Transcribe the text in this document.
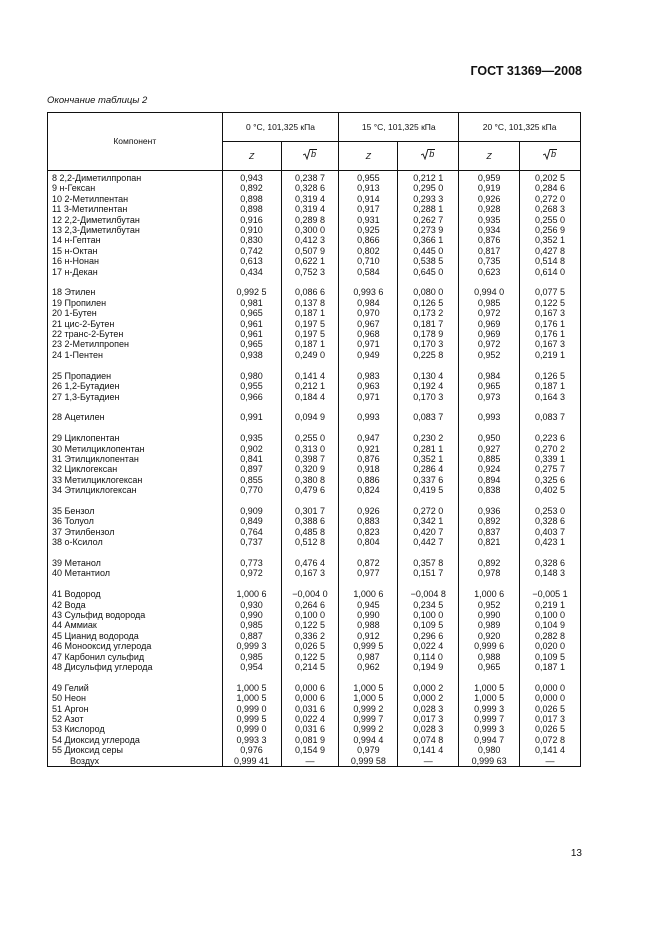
ГОСТ 31369—2008
Окончание таблицы 2
Компонент	0 °С, 101,325 кПа		15 °С, 101,325 кПа		20 °С, 101,325 кПа	
	Z	b	Z	b	Z	b

8 2,2-Диметилпропан	0,943	0,238 7	0,955	0,212 1	0,959	0,202 5
9 н-Гексан	0,892	0,328 6	0,913	0,295 0	0,919	0,284 6
10 2-Метилпентан	0,898	0,319 4	0,914	0,293 3	0,926	0,272 0
11 3-Метилпентан	0,898	0,319 4	0,917	0,288 1	0,928	0,268 3
12 2,2-Диметилбутан	0,916	0,289 8	0,931	0,262 7	0,935	0,255 0
13 2,3-Диметилбутан	0,910	0,300 0	0,925	0,273 9	0,934	0,256 9
14 н-Гептан	0,830	0,412 3	0,866	0,366 1	0,876	0,352 1
15 н-Октан	0,742	0,507 9	0,802	0,445 0	0,817	0,427 8
16 н-Нонан	0,613	0,622 1	0,710	0,538 5	0,735	0,514 8
17 н-Декан	0,434	0,752 3	0,584	0,645 0	0,623	0,614 0

18 Этилен	0,992 5	0,086 6	0,993 6	0,080 0	0,994 0	0,077 5
19 Пропилен	0,981	0,137 8	0,984	0,126 5	0,985	0,122 5
20 1-Бутен	0,965	0,187 1	0,970	0,173 2	0,972	0,167 3
21 цис-2-Бутен	0,961	0,197 5	0,967	0,181 7	0,969	0,176 1
22 транс-2-Бутен	0,961	0,197 5	0,968	0,178 9	0,969	0,176 1
23 2-Метилпропен	0,965	0,187 1	0,971	0,170 3	0,972	0,167 3
24 1-Пентен	0,938	0,249 0	0,949	0,225 8	0,952	0,219 1

25 Пропадиен	0,980	0,141 4	0,983	0,130 4	0,984	0,126 5
26 1,2-Бутадиен	0,955	0,212 1	0,963	0,192 4	0,965	0,187 1
27 1,3-Бутадиен	0,966	0,184 4	0,971	0,170 3	0,973	0,164 3

28 Ацетилен	0,991	0,094 9	0,993	0,083 7	0,993	0,083 7

29 Циклопентан	0,935	0,255 0	0,947	0,230 2	0,950	0,223 6
30 Метилциклопентан	0,902	0,313 0	0,921	0,281 1	0,927	0,270 2
31 Этилциклопентан	0,841	0,398 7	0,876	0,352 1	0,885	0,339 1
32 Циклогексан	0,897	0,320 9	0,918	0,286 4	0,924	0,275 7
33 Метилциклогексан	0,855	0,380 8	0,886	0,337 6	0,894	0,325 6
34 Этилциклогексан	0,770	0,479 6	0,824	0,419 5	0,838	0,402 5

35 Бензол	0,909	0,301 7	0,926	0,272 0	0,936	0,253 0
36 Толуол	0,849	0,388 6	0,883	0,342 1	0,892	0,328 6
37 Этилбензол	0,764	0,485 8	0,823	0,420 7	0,837	0,403 7
38 о-Ксилол	0,737	0,512 8	0,804	0,442 7	0,821	0,423 1

39 Метанол	0,773	0,476 4	0,872	0,357 8	0,892	0,328 6
40 Метантиол	0,972	0,167 3	0,977	0,151 7	0,978	0,148 3

41 Водород	1,000 6	−0,004 0	1,000 6	−0,004 8	1,000 6	−0,005 1
42 Вода	0,930	0,264 6	0,945	0,234 5	0,952	0,219 1
43 Сульфид водорода	0,990	0,100 0	0,990	0,100 0	0,990	0,100 0
44 Аммиак	0,985	0,122 5	0,988	0,109 5	0,989	0,104 9
45 Цианид водорода	0,887	0,336 2	0,912	0,296 6	0,920	0,282 8
46 Монооксид углерода	0,999 3	0,026 5	0,999 5	0,022 4	0,999 6	0,020 0
47 Карбонил сульфид	0,985	0,122 5	0,987	0,114 0	0,988	0,109 5
48 Дисульфид углерода	0,954	0,214 5	0,962	0,194 9	0,965	0,187 1

49 Гелий	1,000 5	0,000 6	1,000 5	0,000 2	1,000 5	0,000 0
50 Неон	1,000 5	0,000 6	1,000 5	0,000 2	1,000 5	0,000 0
51 Аргон	0,999 0	0,031 6	0,999 2	0,028 3	0,999 3	0,026 5
52 Азот	0,999 5	0,022 4	0,999 7	0,017 3	0,999 7	0,017 3
53 Кислород	0,999 0	0,031 6	0,999 2	0,028 3	0,999 3	0,026 5
54 Диоксид углерода	0,993 3	0,081 9	0,994 4	0,074 8	0,994 7	0,072 8
55 Диоксид серы	0,976	0,154 9	0,979	0,141 4	0,980	0,141 4
Воздух	0,999 41	—	0,999 58	—	0,999 63	—
13
